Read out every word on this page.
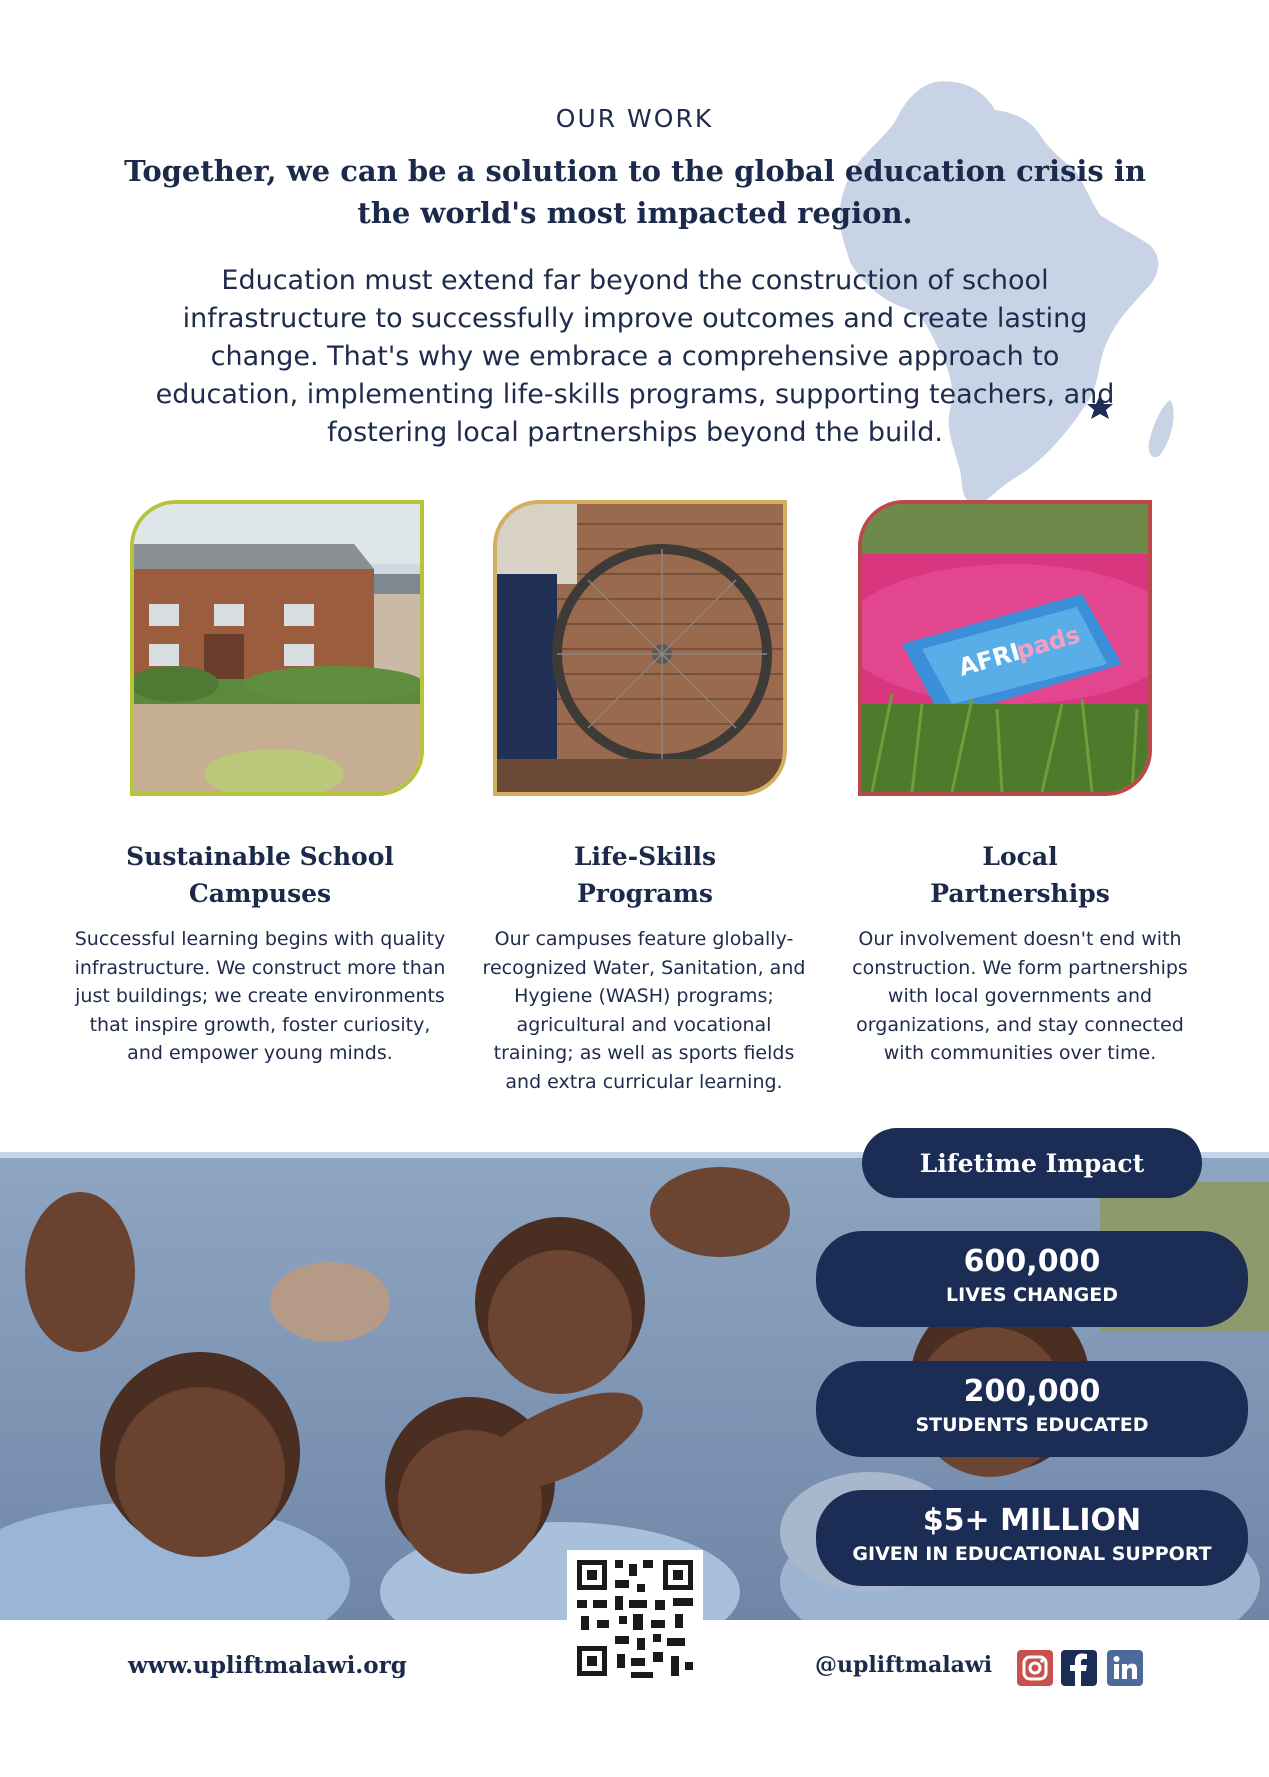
OUR WORK
Together, we can be a solution to the global education crisis in the world's most impacted region.
Education must extend far beyond the construction of school infrastructure to successfully improve outcomes and create lasting change. That's why we embrace a comprehensive approach to education, implementing life-skills programs, supporting teachers, and fostering local partnerships beyond the build.
AFRI
pads
Sustainable School
Campuses
Successful learning begins with quality infrastructure. We construct more than just buildings; we create environments that inspire growth, foster curiosity, and empower young minds.
Life-Skills
Programs
Our campuses feature globally-recognized Water, Sanitation, and Hygiene (WASH) programs; agricultural and vocational training; as well as sports fields and extra curricular learning.
Local
Partnerships
Our involvement doesn't end with construction. We form partnerships with local governments and organizations, and stay connected with communities over time.
Lifetime Impact
600,000
LIVES CHANGED
200,000
STUDENTS EDUCATED
$5+ MILLION
GIVEN IN EDUCATIONAL SUPPORT
www.upliftmalawi.org	@upliftmalawi
